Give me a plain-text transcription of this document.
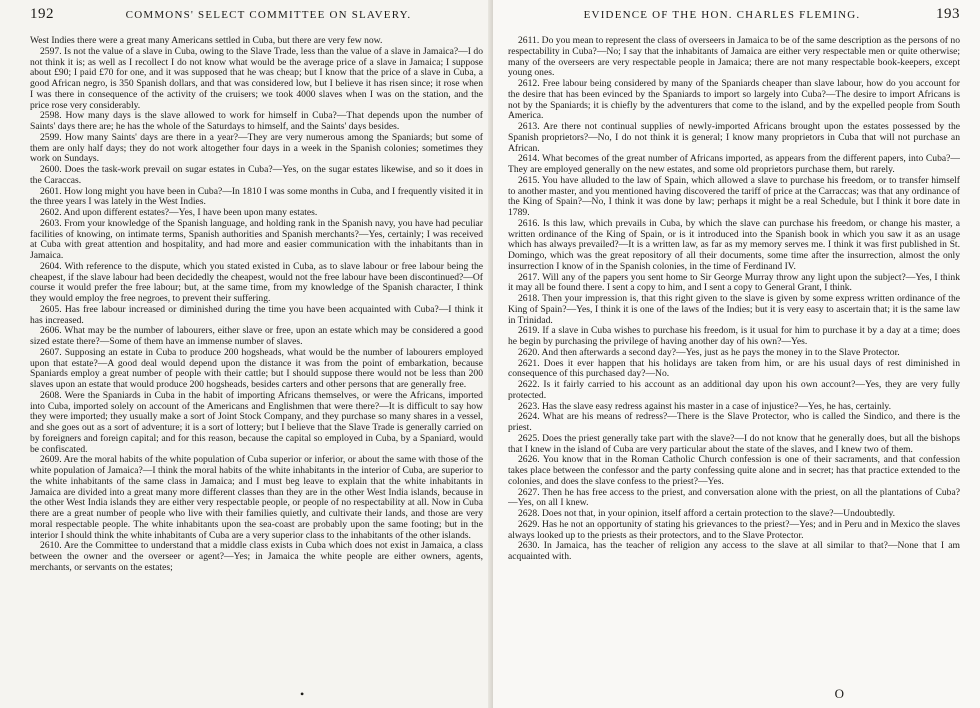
192	COMMONS' SELECT COMMITTEE ON SLAVERY.

West Indies there were a great many Americans settled in Cuba, but there are very few now.

2597. Is not the value of a slave in Cuba, owing to the Slave Trade, less than the value of a slave in Jamaica?—I do not think it is; as well as I recollect I do not know what would be the average price of a slave in Jamaica; I suppose about £90; I paid £70 for one, and it was supposed that he was cheap; but I know that the price of a slave in Cuba, a good African negro, is 350 Spanish dollars, and that was considered low, but I believe it has risen since; it rose when I was there in consequence of the activity of the cruisers; we took 4000 slaves when I was on the station, and the price rose very considerably.

2598. How many days is the slave allowed to work for himself in Cuba?—That depends upon the number of Saints' days there are; he has the whole of the Saturdays to himself, and the Saints' days besides.

2599. How many Saints' days are there in a year?—They are very numerous among the Spaniards; but some of them are only half days; they do not work altogether four days in a week in the Spanish colonies; sometimes they work on Sundays.

2600. Does the task-work prevail on sugar estates in Cuba?—Yes, on the sugar estates likewise, and so it does in the Caraccas.

2601. How long might you have been in Cuba?—In 1810 I was some months in Cuba, and I frequently visited it in the three years I was lately in the West Indies.

2602. And upon different estates?—Yes, I have been upon many estates.

2603. From your knowledge of the Spanish language, and holding rank in the Spanish navy, you have had peculiar facilities of knowing, on intimate terms, Spanish authorities and Spanish merchants?—Yes, certainly; I was received at Cuba with great attention and hospitality, and had more and easier communication with the inhabitants than in Jamaica.

2604. With reference to the dispute, which you stated existed in Cuba, as to slave labour or free labour being the cheapest, if the slave labour had been decidedly the cheapest, would not the free labour have been discontinued?—Of course it would prefer the free labour; but, at the same time, from my knowledge of the Spanish character, I think they would employ the free negroes, to prevent their suffering.

2605. Has free labour increased or diminished during the time you have been acquainted with Cuba?—I think it has increased.

2606. What may be the number of labourers, either slave or free, upon an estate which may be considered a good sized estate there?—Some of them have an immense number of slaves.

2607. Supposing an estate in Cuba to produce 200 hogsheads, what would be the number of labourers employed upon that estate?—A good deal would depend upon the distance it was from the point of embarkation, because Spaniards employ a great number of people with their cattle; but I should suppose there would not be less than 200 slaves upon an estate that would produce 200 hogsheads, besides carters and other persons that are generally free.

2608. Were the Spaniards in Cuba in the habit of importing Africans themselves, or were the Africans, imported into Cuba, imported solely on account of the Americans and Englishmen that were there?—It is difficult to say how they were imported; they usually make a sort of Joint Stock Company, and they purchase so many shares in a vessel, and she goes out as a sort of adventure; it is a sort of lottery; but I believe that the Slave Trade is generally carried on by foreigners and foreign capital; and for this reason, because the capital so employed in Cuba, by a Spaniard, would be confiscated.

2609. Are the moral habits of the white population of Cuba superior or inferior, or about the same with those of the white population of Jamaica?—I think the moral habits of the white inhabitants in the interior of Cuba, are superior to the white inhabitants of the same class in Jamaica; and I must beg leave to explain that the white inhabitants in Jamaica are divided into a great many more different classes than they are in the other West India islands, because in the other West India islands they are either very respectable people, or people of no respectability at all. Now in Cuba there are a great number of people who live with their families quietly, and cultivate their lands, and those are very moral respectable people. The white inhabitants upon the sea-coast are probably upon the same footing; but in the interior I should think the white inhabitants of Cuba are a very superior class to the inhabitants of the other islands.

2610. Are the Committee to understand that a middle class exists in Cuba which does not exist in Jamaica, a class between the owner and the overseer or agent?—Yes; in Jamaica the white people are either owners, agents, merchants, or servants on the estates;

•
EVIDENCE OF THE HON. CHARLES FLEMING.	193

2611. Do you mean to represent the class of overseers in Jamaica to be of the same description as the persons of no respectability in Cuba?—No; I say that the inhabitants of Jamaica are either very respectable men or quite otherwise; many of the overseers are very respectable people in Jamaica; there are not many respectable book-keepers, except young ones.

2612. Free labour being considered by many of the Spaniards cheaper than slave labour, how do you account for the desire that has been evinced by the Spaniards to import so largely into Cuba?—The desire to import Africans is not by the Spaniards; it is chiefly by the adventurers that come to the island, and by the expelled people from South America.

2613. Are there not continual supplies of newly-imported Africans brought upon the estates possessed by the Spanish proprietors?—No, I do not think it is general; I know many proprietors in Cuba that will not purchase an African.

2614. What becomes of the great number of Africans imported, as appears from the different papers, into Cuba?—They are employed generally on the new estates, and some old proprietors purchase them, but rarely.

2615. You have alluded to the law of Spain, which allowed a slave to purchase his freedom, or to transfer himself to another master, and you mentioned having discovered the tariff of price at the Carraccas; was that any ordinance of the King of Spain?—No, I think it was done by law; perhaps it might be a real Schedule, but I think it bore date in 1789.

2616. Is this law, which prevails in Cuba, by which the slave can purchase his freedom, or change his master, a written ordinance of the King of Spain, or is it introduced into the Spanish book in which you saw it as an usage which has always prevailed?—It is a written law, as far as my memory serves me. I think it was first published in St. Domingo, which was the great repository of all their documents, some time after the insurrection, almost the only insurrection I know of in the Spanish colonies, in the time of Ferdinand IV.

2617. Will any of the papers you sent home to Sir George Murray throw any light upon the subject?—Yes, I think it may all be found there. I sent a copy to him, and I sent a copy to General Grant, I think.

2618. Then your impression is, that this right given to the slave is given by some express written ordinance of the King of Spain?—Yes, I think it is one of the laws of the Indies; but it is very easy to ascertain that; it is the same law in Trinidad.

2619. If a slave in Cuba wishes to purchase his freedom, is it usual for him to purchase it by a day at a time; does he begin by purchasing the privilege of having another day of his own?—Yes.

2620. And then afterwards a second day?—Yes, just as he pays the money in to the Slave Protector.

2621. Does it ever happen that his holidays are taken from him, or are his usual days of rest diminished in consequence of this purchased day?—No.

2622. Is it fairly carried to his account as an additional day upon his own account?—Yes, they are very fully protected.

2623. Has the slave easy redress against his master in a case of injustice?—Yes, he has, certainly.

2624. What are his means of redress?—There is the Slave Protector, who is called the Sindico, and there is the priest.

2625. Does the priest generally take part with the slave?—I do not know that he generally does, but all the bishops that I knew in the island of Cuba are very particular about the state of the slaves, and I knew two of them.

2626. You know that in the Roman Catholic Church confession is one of their sacraments, and that confession takes place between the confessor and the party confessing quite alone and in secret; has that practice extended to the colonies, and does the slave confess to the priest?—Yes.

2627. Then he has free access to the priest, and conversation alone with the priest, on all the plantations of Cuba?—Yes, on all I knew.

2628. Does not that, in your opinion, itself afford a certain protection to the slave?—Undoubtedly.

2629. Has he not an opportunity of stating his grievances to the priest?—Yes; and in Peru and in Mexico the slaves always looked up to the priests as their protectors, and to the Slave Protector.

2630. In Jamaica, has the teacher of religion any access to the slave at all similar to that?—None that I am acquainted with.

O
